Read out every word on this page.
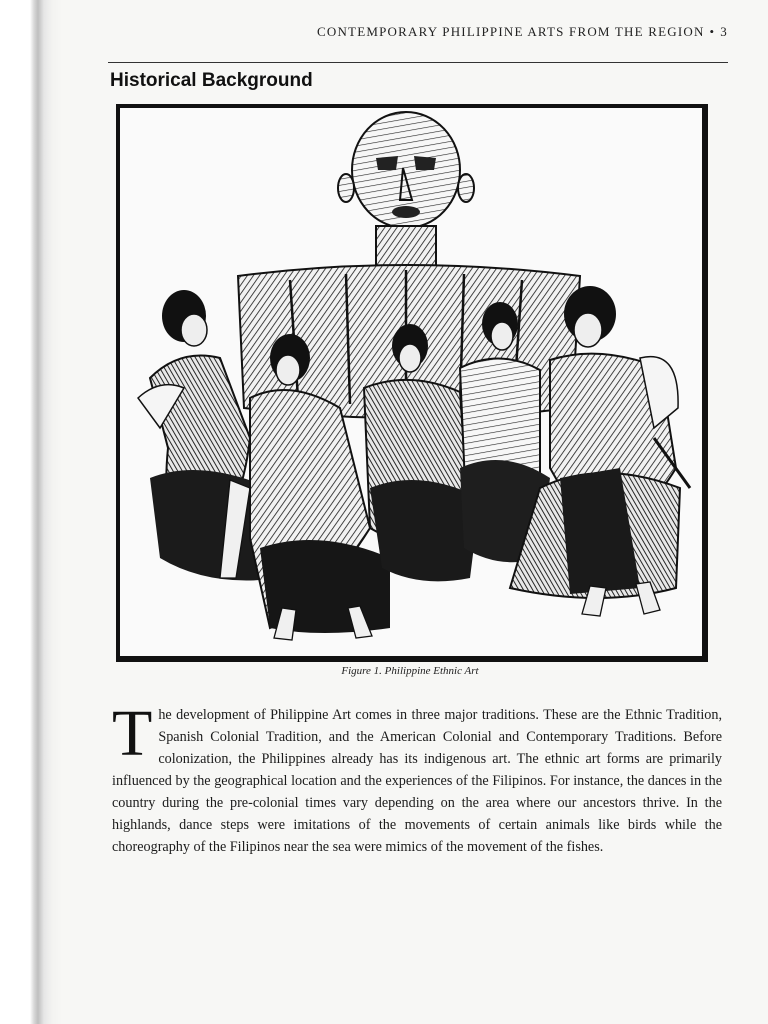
CONTEMPORARY PHILIPPINE ARTS FROM THE REGION • 3
Historical Background
Figure 1. Philippine Ethnic Art

The development of Philippine Art comes in three major traditions. These are the Ethnic Tradition, Spanish Colonial Tradition, and the American Colonial and Contemporary Traditions. Before colonization, the Philippines already has its indigenous art. The ethnic art forms are primarily influenced by the geographical location and the experiences of the Filipinos. For instance, the dances in the country during the pre-colonial times vary depending on the area where our ancestors thrive. In the highlands, dance steps were imitations of the movements of certain animals like birds while the choreography of the Filipinos near the sea were mimics of the movement of the fishes.
